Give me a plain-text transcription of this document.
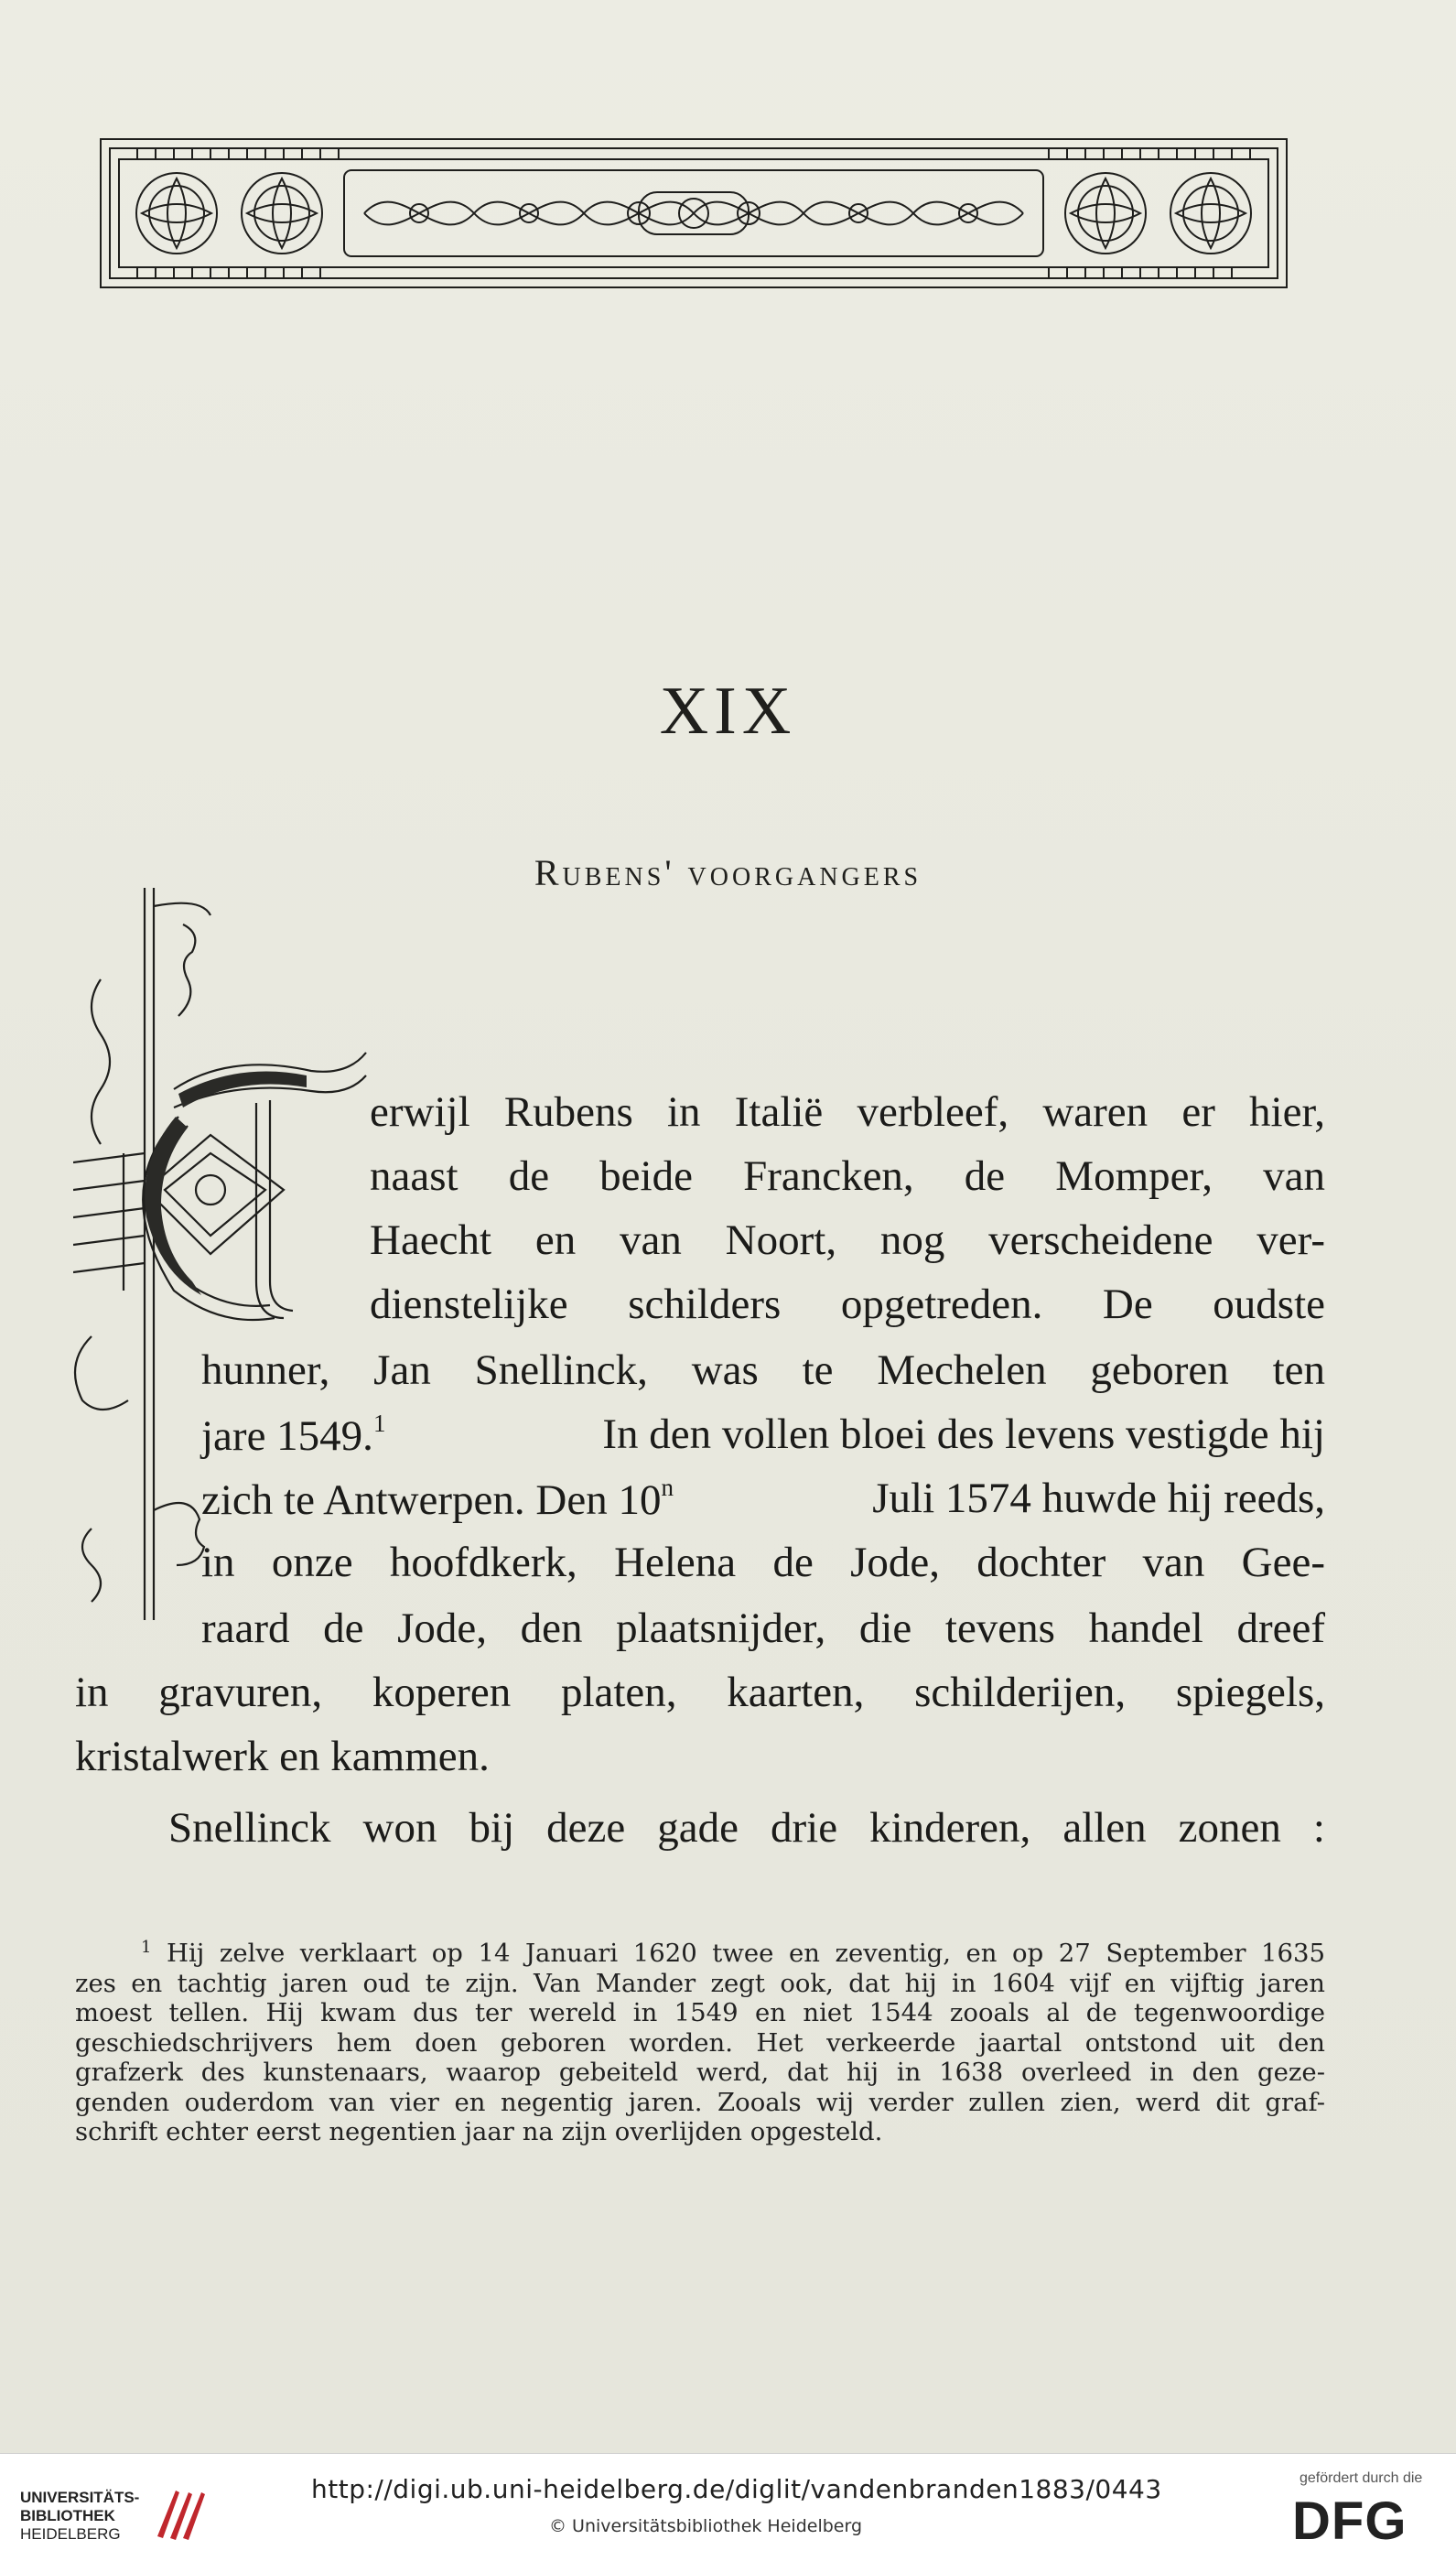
XIX
Rubens' voorgangers
erwijl Rubens in Italië verbleef, waren er hier,
naast de beide Francken, de Momper, van
Haecht en van Noort, nog verscheidene ver-
dienstelijke schilders opgetreden. De oudste
hunner, Jan Snellinck, was te Mechelen geboren ten
jare 1549.$^1$	In den vollen bloei des levens vestigde hij
zich te Antwerpen. Den 10$^n$	Juli 1574 huwde hij reeds,
in onze hoofdkerk, Helena de Jode, dochter van Gee-
raard de Jode, den plaatsnijder, die tevens handel dreef
in gravuren, koperen platen, kaarten, schilderijen, spiegels,
kristalwerk en kammen.
Snellinck won bij deze gade drie kinderen, allen zonen :
$^1$ Hij zelve verklaart op 14 Januari 1620 twee en zeventig, en op 27 September 1635
zes en tachtig jaren oud te zijn. Van Mander zegt ook, dat hij in 1604 vijf en vijftig jaren
moest tellen. Hij kwam dus ter wereld in 1549 en niet 1544 zooals al de tegenwoordige
geschiedschrijvers hem doen geboren worden. Het verkeerde jaartal ontstond uit den
grafzerk des kunstenaars, waarop gebeiteld werd, dat hij in 1638 overleed in den geze-
genden ouderdom van vier en negentig jaren. Zooals wij verder zullen zien, werd dit graf-
schrift echter eerst negentien jaar na zijn overlijden opgesteld.
UNIVERSITÄTS-
BIBLIOTHEK
HEIDELBERG
http://digi.ub.uni-heidelberg.de/diglit/vandenbranden1883/0443
© Universitätsbibliothek Heidelberg
gefördert durch die
DFG
